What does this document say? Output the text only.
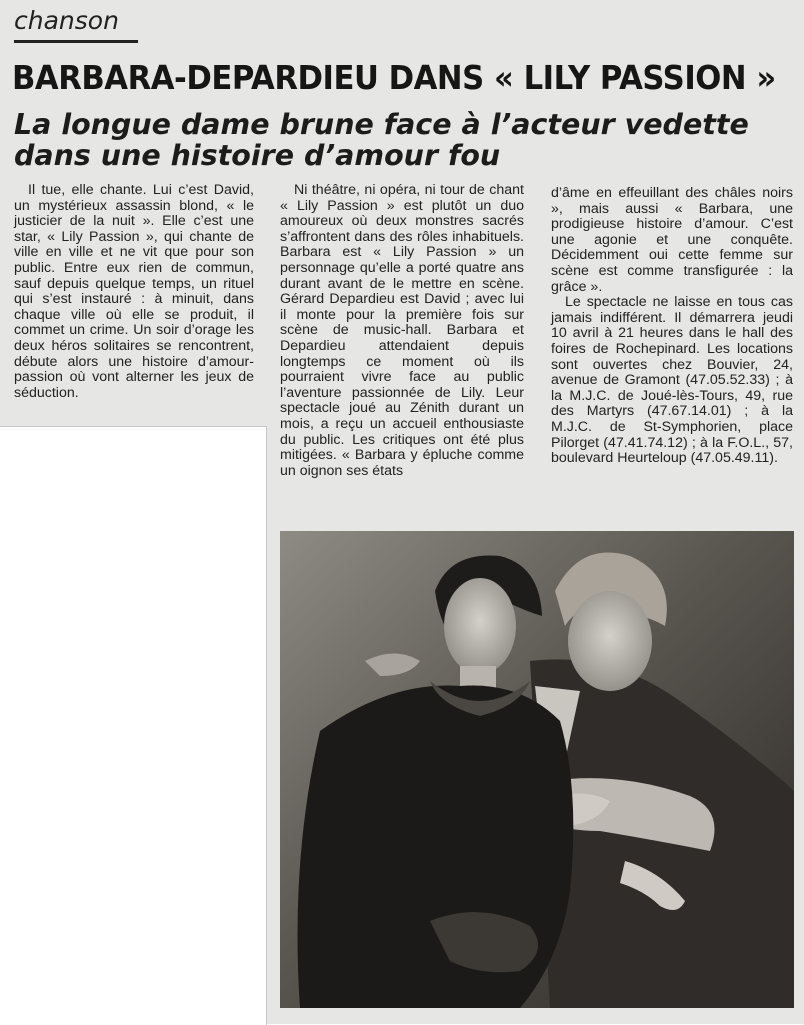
chanson

BARBARA-DEPARDIEU DANS « LILY PASSION »
La longue dame brune face à l’acteur vedette dans une histoire d’amour fou

Il tue, elle chante. Lui c’est David, un mystérieux assassin blond, « le justicier de la nuit ». Elle c’est une star, « Lily Passion », qui chante de ville en ville et ne vit que pour son public. Entre eux rien de commun, sauf depuis quelque temps, un rituel qui s’est instauré : à minuit, dans chaque ville où elle se produit, il commet un crime. Un soir d’orage les deux héros solitaires se rencontrent, débute alors une histoire d’amour-passion où vont alterner les jeux de séduction.

Ni théâtre, ni opéra, ni tour de chant « Lily Passion » est plutôt un duo amoureux où deux monstres sacrés s’affrontent dans des rôles inhabituels. Barbara est « Lily Passion » un personnage qu’elle a porté quatre ans durant avant de le mettre en scène. Gérard Depardieu est David ; avec lui il monte pour la première fois sur scène de music-hall. Barbara et Depardieu attendaient depuis longtemps ce moment où ils pourraient vivre face au public l’aventure passionnée de Lily. Leur spectacle joué au Zénith durant un mois, a reçu un accueil enthousiaste du public. Les critiques ont été plus mitigées. « Barbara y épluche comme un oignon ses états

d’âme en effeuillant des châles noirs », mais aussi « Barbara, une prodigieuse histoire d’amour. C’est une agonie et une conquête. Décidemment oui cette femme sur scène est comme transfigurée : la grâce ».

Le spectacle ne laisse en tous cas jamais indifférent. Il démarrera jeudi 10 avril à 21 heures dans le hall des foires de Rochepinard. Les locations sont ouvertes chez Bouvier, 24, avenue de Gramont (47.05.52.33) ; à la M.J.C. de Joué-lès-Tours, 49, rue des Martyrs (47.67.14.01) ; à la M.J.C. de St-Symphorien, place Pilorget (47.41.74.12) ; à la F.O.L., 57, boulevard Heurteloup (47.05.49.11).
